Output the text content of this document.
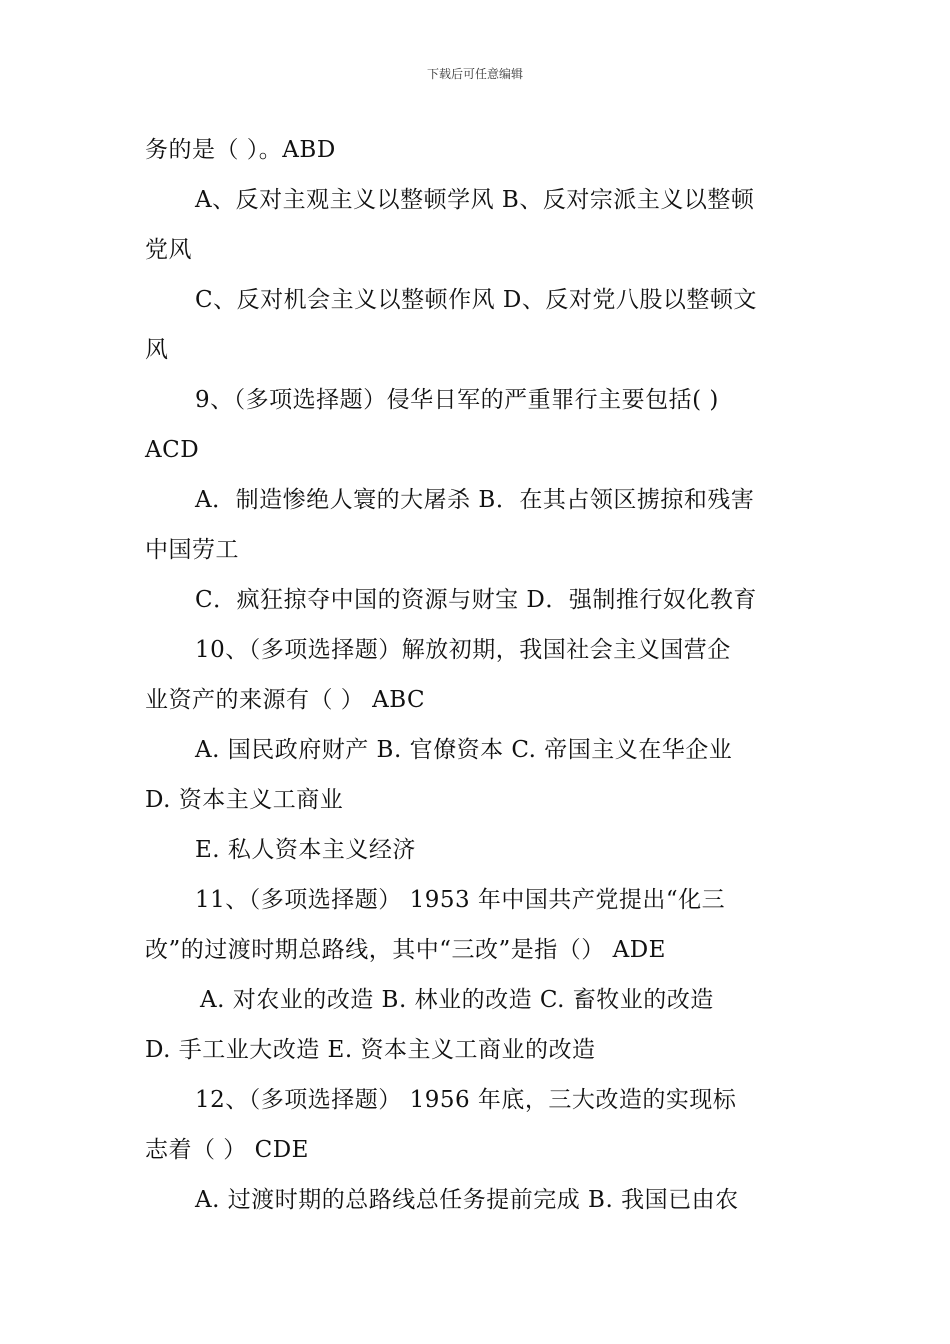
下载后可任意编辑
务的是（ ）。ABD
A、反对主观主义以整顿学风 B、反对宗派主义以整顿
党风
C、反对机会主义以整顿作风 D、反对党八股以整顿文
风
9、（多项选择题）侵华日军的严重罪行主要包括( )
ACD
A．制造惨绝人寰的大屠杀 B．在其占领区掳掠和残害
中国劳工
C．疯狂掠夺中国的资源与财宝 D．强制推行奴化教育
10、（多项选择题）解放初期，我国社会主义国营企
业资产的来源有（ ） ABC
A. 国民政府财产 B. 官僚资本 C. 帝国主义在华企业
D. 资本主义工商业
E. 私人资本主义经济
11、（多项选择题） 1953 年中国共产党提出“化三
改”的过渡时期总路线，其中“三改”是指（） ADE
A. 对农业的改造 B. 林业的改造 C. 畜牧业的改造
D. 手工业大改造 E. 资本主义工商业的改造
12、（多项选择题） 1956 年底，三大改造的实现标
志着（ ） CDE
A. 过渡时期的总路线总任务提前完成 B. 我国已由农
